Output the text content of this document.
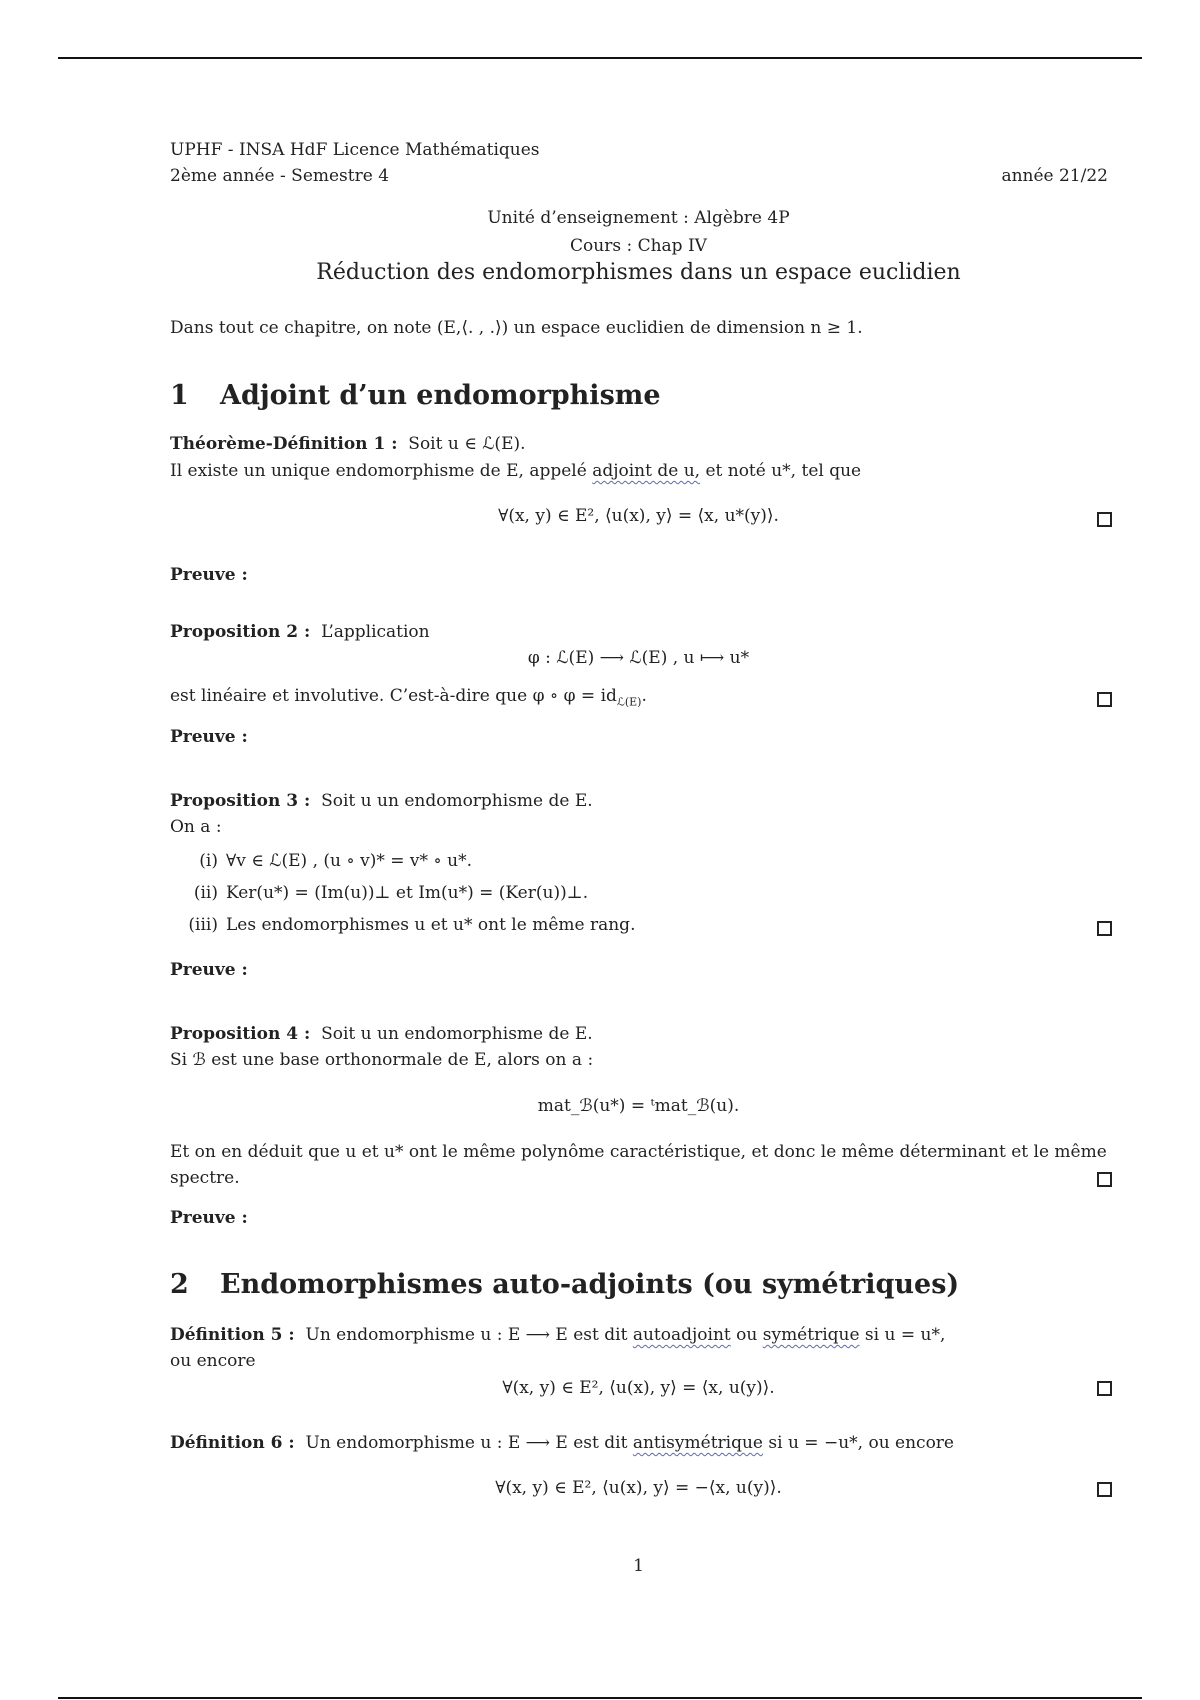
UPHF - INSA HdF Licence Mathématiques
2ème année - Semestre 4	année 21/22
Unité d’enseignement : Algèbre 4P
Cours : Chap IV
Réduction des endomorphismes dans un espace euclidien
Dans tout ce chapitre, on note (E,⟨. , .⟩) un espace euclidien de dimension n ≥ 1.
1 Adjoint d’un endomorphisme
Théorème-Définition 1 : Soit u ∈ ℒ(E).
Il existe un unique endomorphisme de E, appelé adjoint de u, et noté u*, tel que
∀(x, y) ∈ E², ⟨u(x), y⟩ = ⟨x, u*(y)⟩.
Preuve :
Proposition 2 : L’application
φ : ℒ(E) ⟶ ℒ(E) , u ⟼ u*
est linéaire et involutive. C’est-à-dire que φ ∘ $\varphi = id_{ℒ(E)}$.
Preuve :
Proposition 3 : Soit u un endomorphisme de E.
On a :
(i) ∀v ∈ ℒ(E) , (u ∘ v)* = v* ∘ u*.
(ii) Ker(u*) = (Im(u))⊥ et Im(u*) = (Ker(u))⊥.
(iii) Les endomorphismes u et u* ont le même rang.
Preuve :
Proposition 4 : Soit u un endomorphisme de E.
Si ℬ est une base orthonormale de E, alors on a :
mat_ℬ(u*) = ᵗmat_ℬ(u).
Et on en déduit que u et u* ont le même polynôme caractéristique, et donc le même déterminant et le même
spectre.
Preuve :
2 Endomorphismes auto-adjoints (ou symétriques)
Définition 5 : Un endomorphisme u : E ⟶ E est dit autoadjoint ou symétrique si u = u*,
ou encore
∀(x, y) ∈ E², ⟨u(x), y⟩ = ⟨x, u(y)⟩.
Définition 6 : Un endomorphisme u : E ⟶ E est dit antisymétrique si u = −u*, ou encore
∀(x, y) ∈ E², ⟨u(x), y⟩ = −⟨x, u(y)⟩.
1
